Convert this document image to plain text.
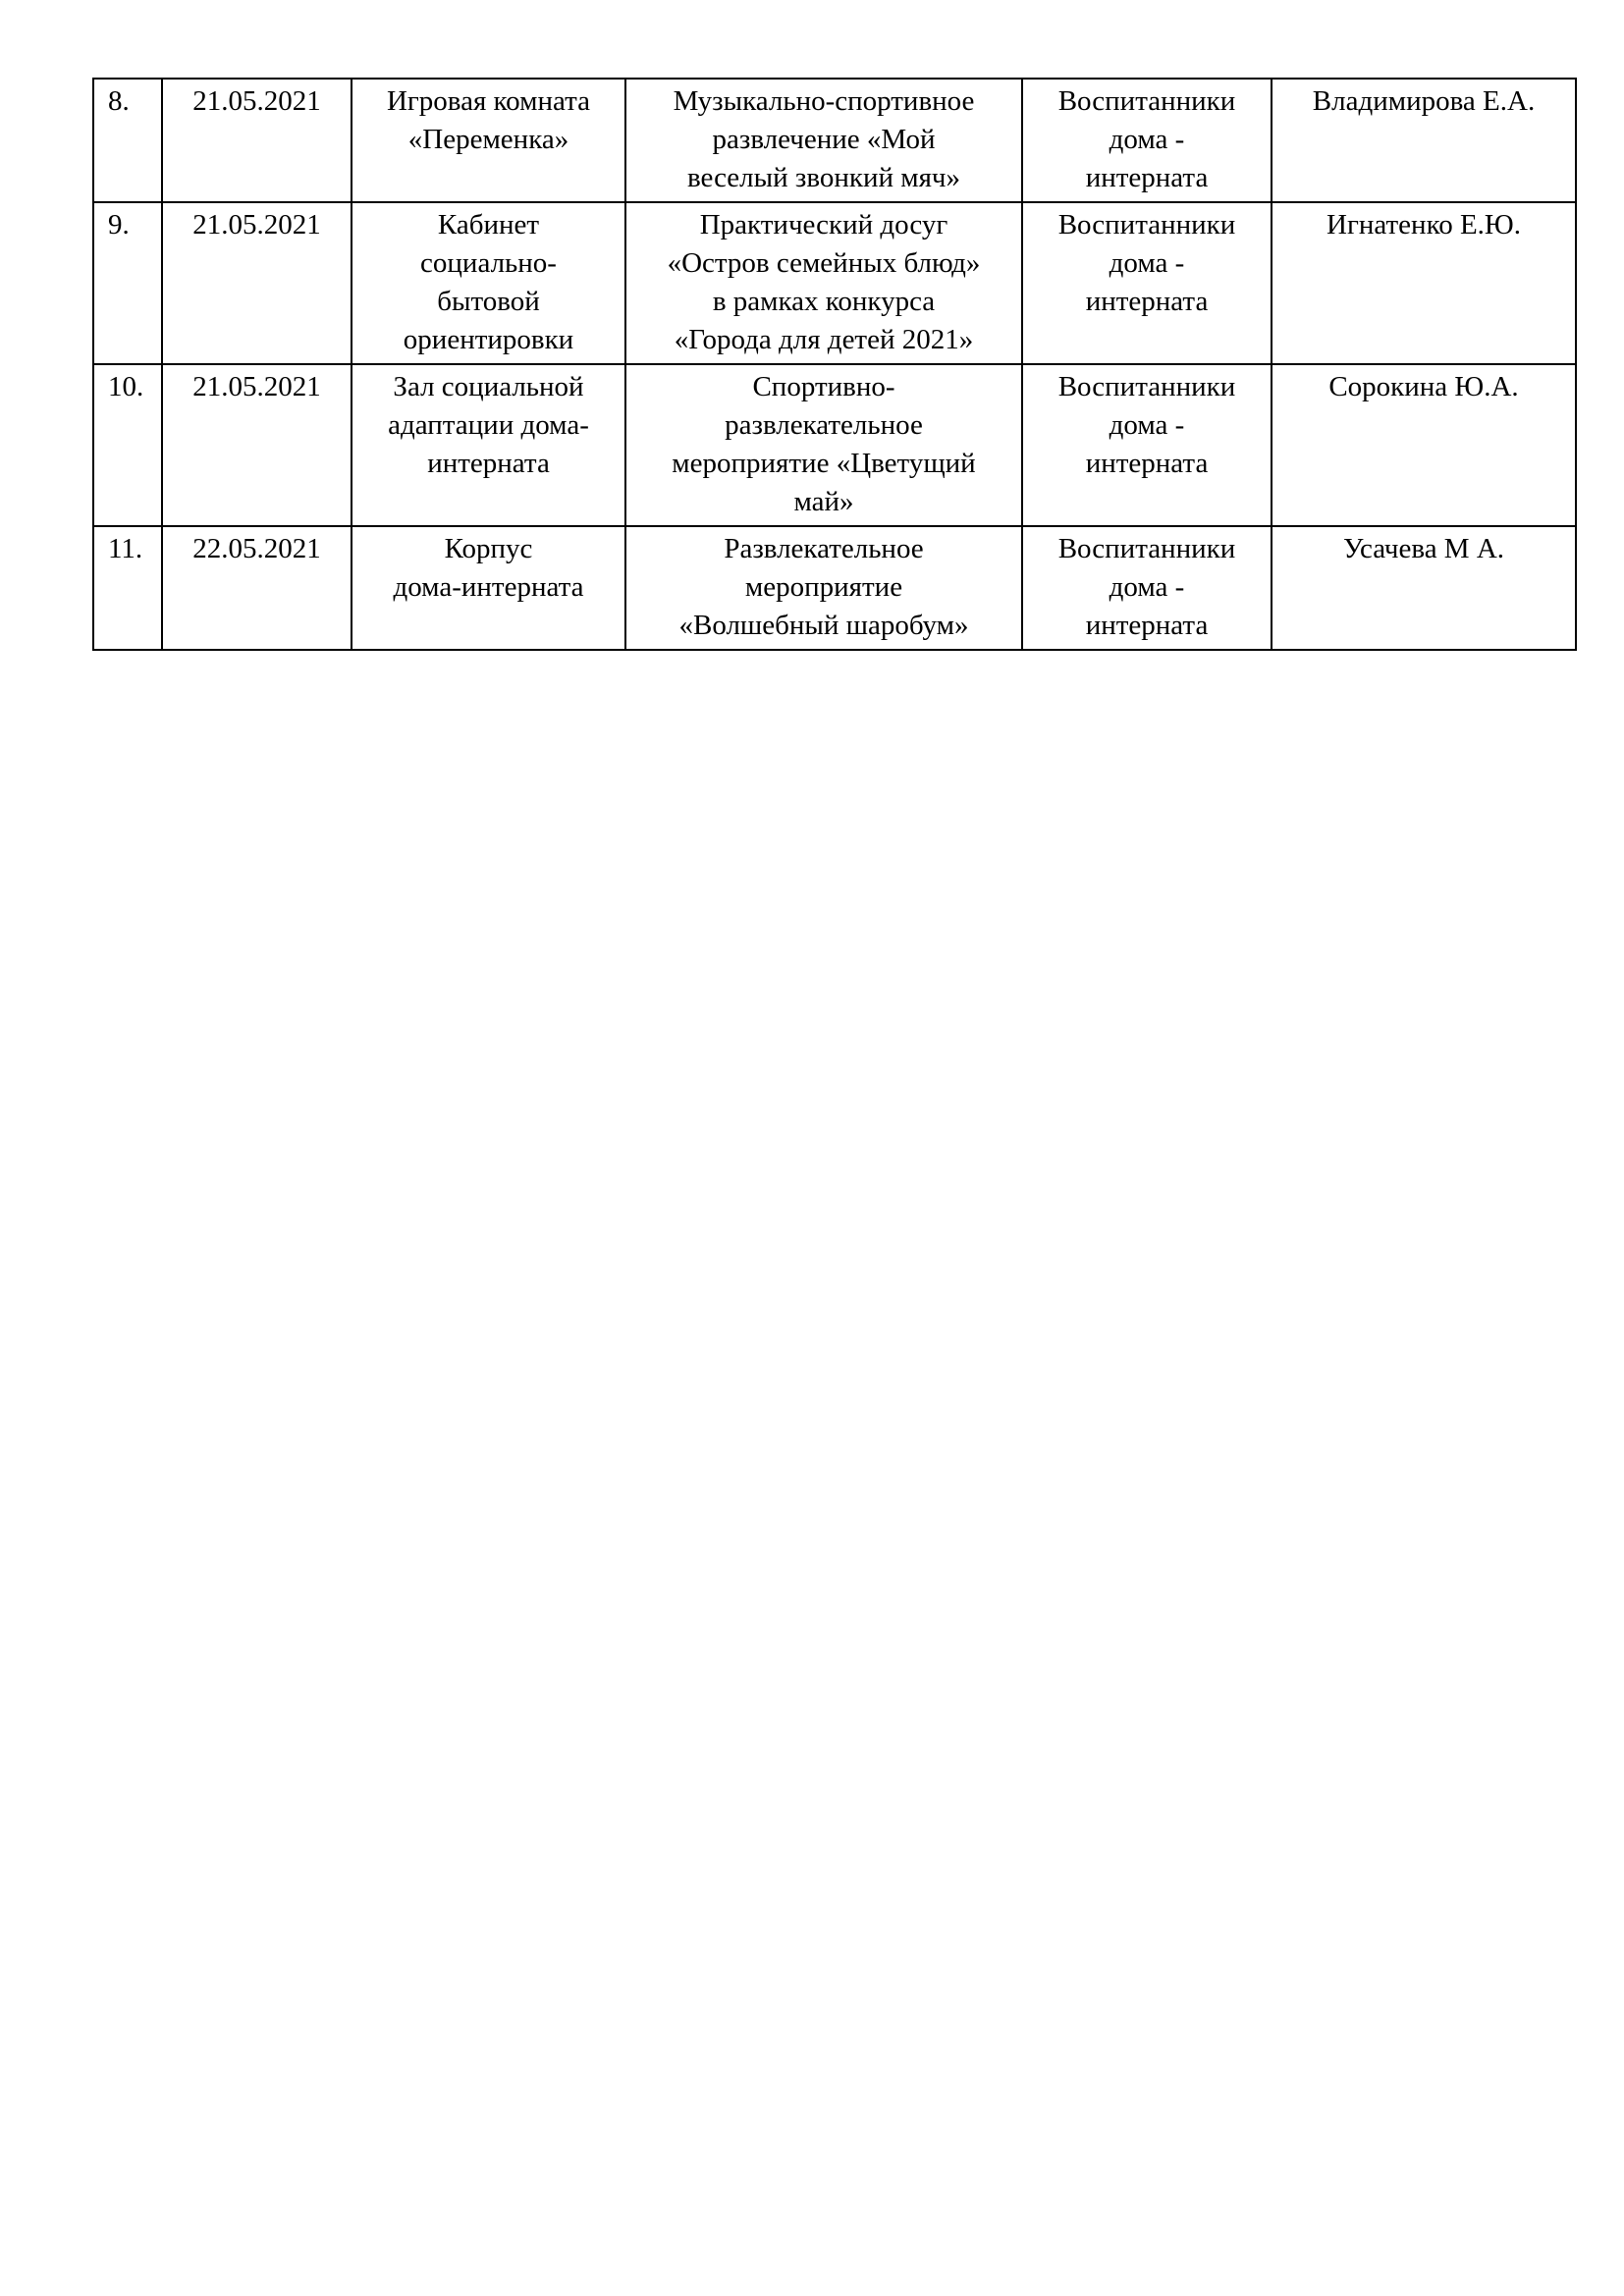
8.	21.05.2021	Игровая комната
«Переменка»	Музыкально-спортивное
развлечение «Мой
веселый звонкий мяч»	Воспитанники
дома -
интерната	Владимирова Е.А.

9.	21.05.2021	Кабинет
социально-
бытовой
ориентировки	Практический досуг
«Остров семейных блюд»
в рамках конкурса
«Города для детей 2021»	Воспитанники
дома -
интерната	Игнатенко Е.Ю.

10.	21.05.2021	Зал социальной
адаптации дома-
интерната	Спортивно-
развлекательное
мероприятие «Цветущий
май»	Воспитанники
дома -
интерната	Сорокина Ю.А.

11.	22.05.2021	Корпус
дома-интерната	Развлекательное
мероприятие
«Волшебный шаробум»	Воспитанники
дома -
интерната	Усачева М А.
